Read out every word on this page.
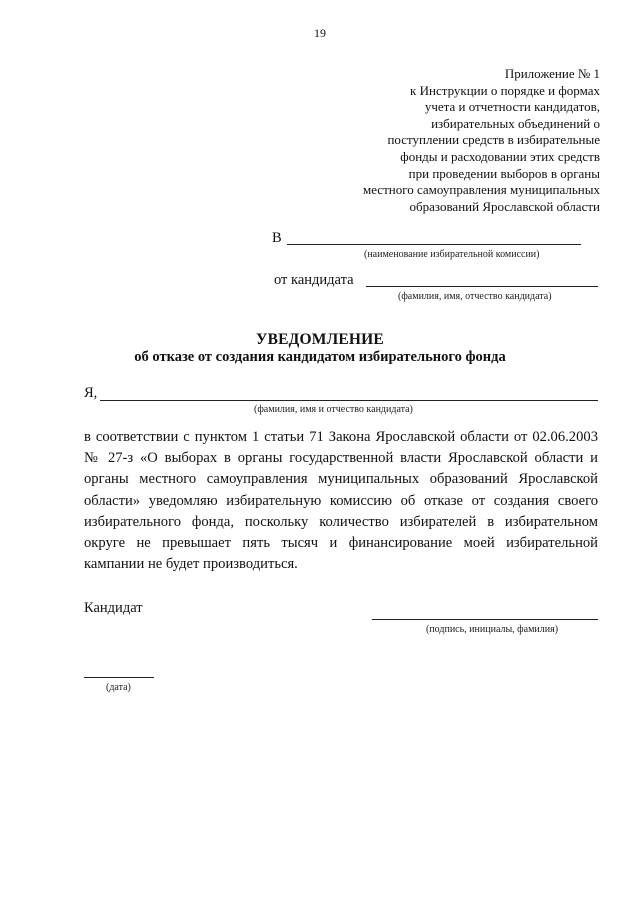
19
Приложение № 1
к Инструкции о порядке и формах
учета и отчетности кандидатов,
избирательных объединений о
поступлении средств в избирательные
фонды и расходовании этих средств
при проведении выборов в органы
местного самоуправления муниципальных
образований Ярославской области
В
(наименование избирательной комиссии)
от кандидата
(фамилия, имя, отчество кандидата)
УВЕДОМЛЕНИЕ
об отказе от создания кандидатом избирательного фонда
Я,
(фамилия, имя и отчество кандидата)
в соответствии с пунктом 1 статьи 71 Закона Ярославской области от 02.06.2003 № 27-з «О выборах в органы государственной власти Ярославской области и органы местного самоуправления муниципальных образований Ярославской области» уведомляю избирательную комиссию об отказе от создания своего избирательного фонда, поскольку количество избирателей в избирательном округе не превышает пять тысяч и финансирование моей избирательной кампании не будет производиться.
Кандидат
(подпись, инициалы, фамилия)
(дата)
